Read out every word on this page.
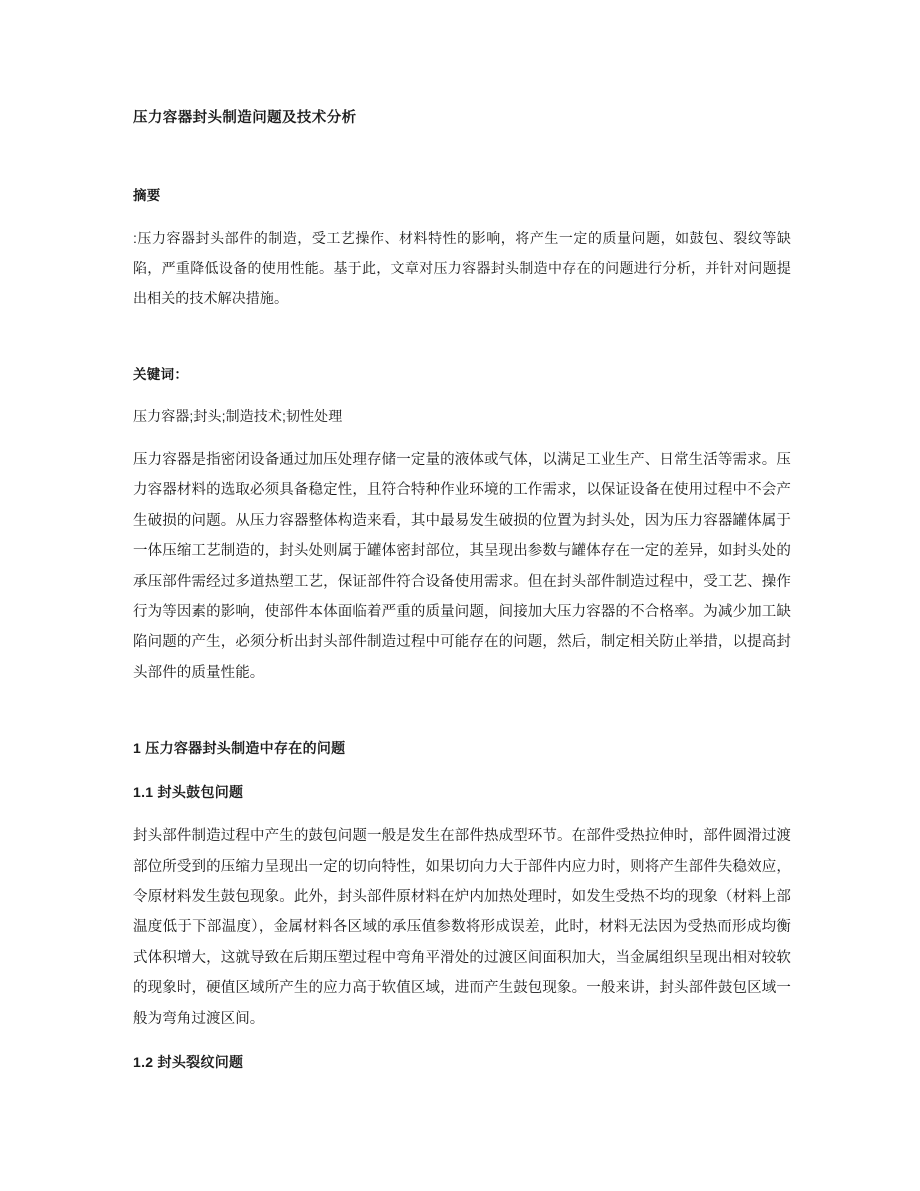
压力容器封头制造问题及技术分析
摘要

:压力容器封头部件的制造，受工艺操作、材料特性的影响，将产生一定的质量问题，如鼓包、裂纹等缺陷，严重降低设备的使用性能。基于此，文章对压力容器封头制造中存在的问题进行分析，并针对问题提出相关的技术解决措施。

关键词：

压力容器;封头;制造技术;韧性处理

压力容器是指密闭设备通过加压处理存储一定量的液体或气体，以满足工业生产、日常生活等需求。压力容器材料的选取必须具备稳定性，且符合特种作业环境的工作需求，以保证设备在使用过程中不会产生破损的问题。从压力容器整体构造来看，其中最易发生破损的位置为封头处，因为压力容器罐体属于一体压缩工艺制造的，封头处则属于罐体密封部位，其呈现出参数与罐体存在一定的差异，如封头处的承压部件需经过多道热塑工艺，保证部件符合设备使用需求。但在封头部件制造过程中，受工艺、操作行为等因素的影响，使部件本体面临着严重的质量问题，间接加大压力容器的不合格率。为减少加工缺陷问题的产生，必须分析出封头部件制造过程中可能存在的问题，然后，制定相关防止举措，以提高封头部件的质量性能。

1 压力容器封头制造中存在的问题
1.1 封头鼓包问题

封头部件制造过程中产生的鼓包问题一般是发生在部件热成型环节。在部件受热拉伸时，部件圆滑过渡部位所受到的压缩力呈现出一定的切向特性，如果切向力大于部件内应力时，则将产生部件失稳效应，令原材料发生鼓包现象。此外，封头部件原材料在炉内加热处理时，如发生受热不均的现象（材料上部温度低于下部温度），金属材料各区域的承压值参数将形成误差，此时，材料无法因为受热而形成均衡式体积增大，这就导致在后期压塑过程中弯角平滑处的过渡区间面积加大，当金属组织呈现出相对较软的现象时，硬值区域所产生的应力高于软值区域，进而产生鼓包现象。一般来讲，封头部件鼓包区域一般为弯角过渡区间。

1.2 封头裂纹问题
